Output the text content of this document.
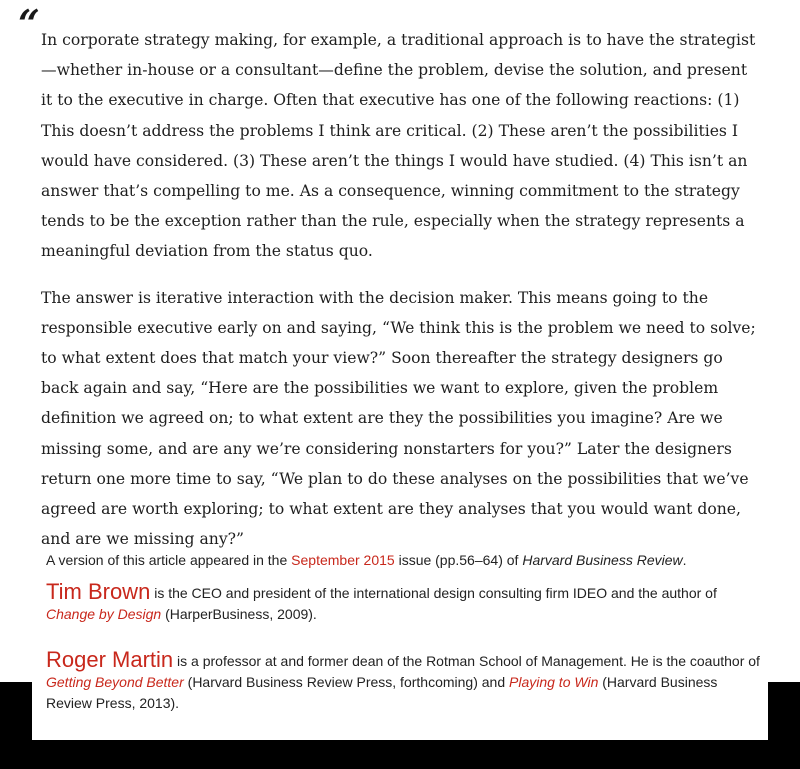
“ In corporate strategy making, for example, a traditional approach is to have the strategist —whether in-house or a consultant—define the problem, devise the solution, and present it to the executive in charge. Often that executive has one of the following reactions: (1) This doesn’t address the problems I think are critical. (2) These aren’t the possibilities I would have considered. (3) These aren’t the things I would have studied. (4) This isn’t an answer that’s compelling to me. As a consequence, winning commitment to the strategy tends to be the exception rather than the rule, especially when the strategy represents a meaningful deviation from the status quo.

The answer is iterative interaction with the decision maker. This means going to the responsible executive early on and saying, “We think this is the problem we need to solve; to what extent does that match your view?” Soon thereafter the strategy designers go back again and say, “Here are the possibilities we want to explore, given the problem definition we agreed on; to what extent are they the possibilities you imagine? Are we missing some, and are any we’re considering nonstarters for you?” Later the designers return one more time to say, “We plan to do these analyses on the possibilities that we’ve agreed are worth exploring; to what extent are they analyses that you would want done, and are we missing any?”

A version of this article appeared in the September 2015 issue (pp.56–64) of Harvard Business Review.
Tim Brown is the CEO and president of the international design consulting firm IDEO and the author of Change by Design (HarperBusiness, 2009).
Roger Martin is a professor at and former dean of the Rotman School of Management. He is the coauthor of Getting Beyond Better (Harvard Business Review Press, forthcoming) and Playing to Win (Harvard Business Review Press, 2013).
